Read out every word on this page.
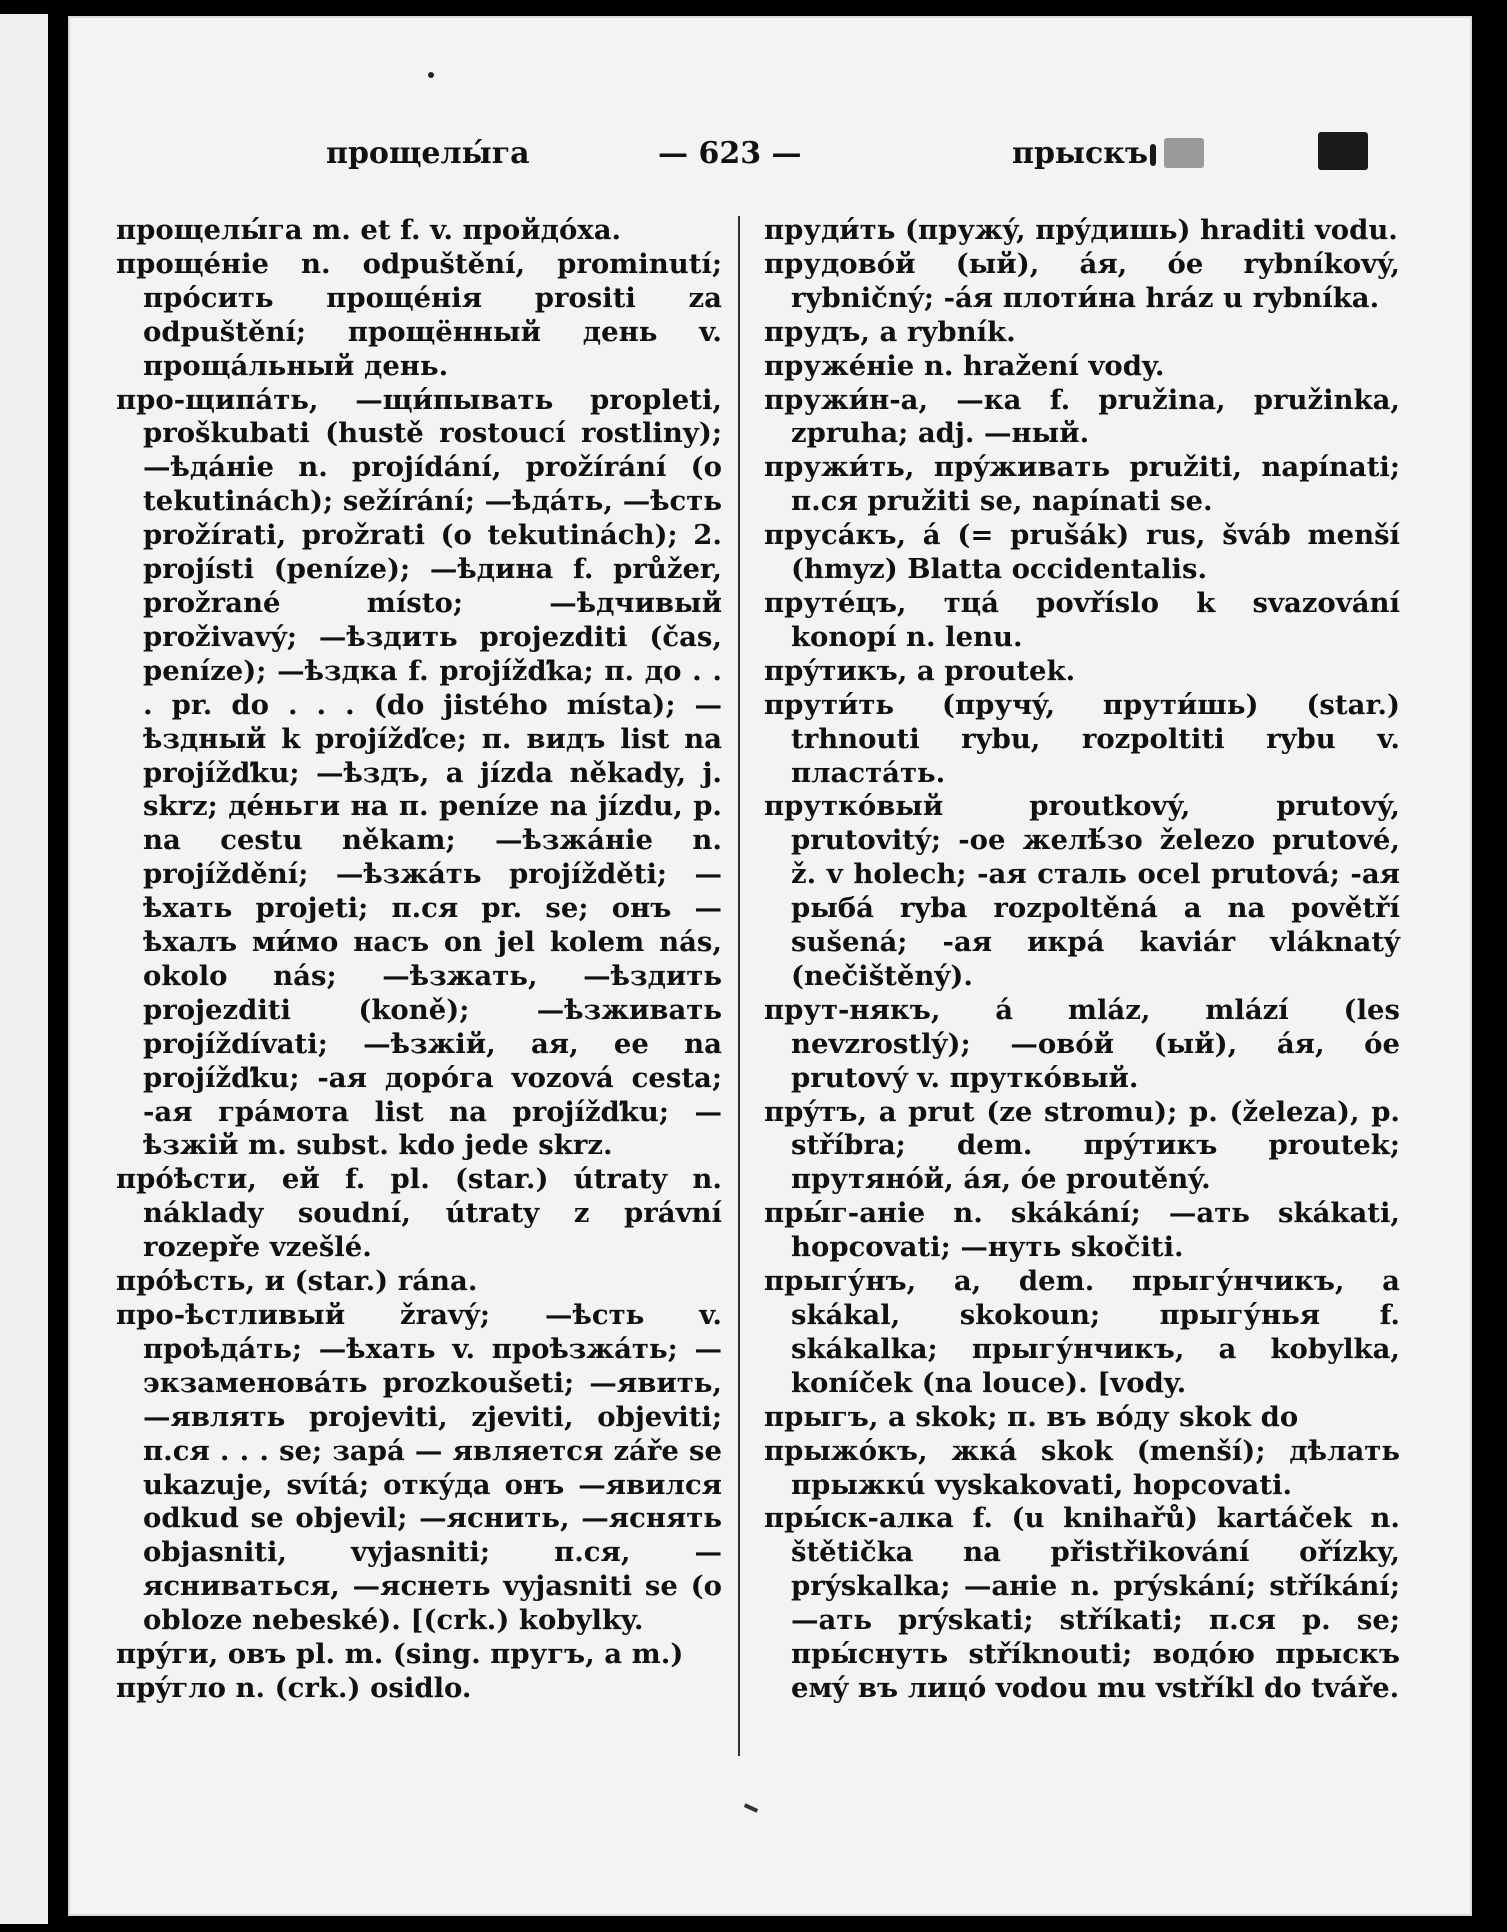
прощелы́га	— 623 —	прыскъ

прощелы́га m. et f. v. пройдо́ха.

прощéніе n. odpuštění, prominutí; про́сить прощéнія prositi za odpuštění; прощённый день v. проща́льный день.

про-щипáть, —щи́пывать propleti, proškubati (hustě rostoucí rostliny); —ѣдáніе n. projídání, prožírání (o tekutinách); sežírání; —ѣдáть, —ѣсть prožírati, prožrati (o tekutinách); 2. projísti (peníze); —ѣдина f. průžer, prožrané místo; —ѣдчивый proživavý; —ѣздить projezditi (čas, peníze); —ѣздка f. projížďka; п. до . . . pr. do . . . (do jistého místa); —ѣздный k projížďce; п. видъ list na projížďku; —ѣздъ, а jízda někady, j. skrz; де́ньги на п. peníze na jízdu, p. na cestu někam; —ѣзжáніе n. projíždění; —ѣзжáть projížděti; —ѣхать projeti; п.ся pr. se; онъ —ѣхалъ ми́мо насъ on jel kolem nás, okolo nás; —ѣзжать, —ѣздить projezditi (koně); —ѣзживать projíždívati; —ѣзжій, ая, ее na projížďku; -ая доро́га vozová cesta; -ая гра́мота list na projížďku; —ѣзжій m. subst. kdo jede skrz.

про́ѣсти, ей f. pl. (star.) útraty n. náklady soudní, útraty z právní rozepře vzešlé.

про́ѣсть, и (star.) rána.

про-ѣстливый žravý; —ѣсть v. проѣдáть; —ѣхать v. проѣзжáть; —экзаменовáть prozkoušeti; —явить, —являть projeviti, zjeviti, objeviti; п.ся . . . se; зарá — является záře se ukazuje, svítá; откýда онъ —явился odkud se objevil; —яснить, —яснять objasniti, vyjasniti; п.ся, —ясниваться, —яснеть vyjasniti se (o obloze nebeské). [(crk.) kobylky.

прýги, овъ pl. m. (sing. пругъ, a m.)

прýгло n. (crk.) osidlo.

пруди́ть (пружý, прýдишь) hraditi vodu.

прудово́й (ый), áя, óе rybníkový, rybničný; -áя плоти́на hráz u rybníka.

прудъ, a rybník.

пружéніе n. hražení vody.

пружи́н-а, —ка f. pružina, pružinka, zpruha; adj. —ный.

пружи́ть, прýживать pružiti, napínati; п.ся pružiti se, napínati se.

прусáкъ, á (= prušák) rus, šváb menší (hmyz) Blatta occidentalis.

прутéцъ, тцá povříslo k svazování konopí n. lenu.

прýтикъ, a proutek.

прути́ть (пручý, прути́шь) (star.) trhnouti rybu, rozpoltiti rybu v. пластáть.

прутко́вый proutkový, prutový, prutovitý; -ое желѣ́зо železo prutové, ž. v holech; -ая сталь ocel prutová; -ая рыбá ryba rozpoltěná a na povětří sušená; -ая икрá kaviár vláknatý (nečištěný).

прут-някъ, á mláz, mlází (les nevzrostlý); —ово́й (ый), áя, óе prutový v. прутко́вый.

прýтъ, a prut (ze stromu); p. (železa), p. stříbra; dem. прýтикъ proutek; прутяно́й, áя, óе proutěný.

пры́г-аніе n. skákání; —ать skákati, hopcovati; —нуть skočiti.

прыгу́нъ, a, dem. прыгу́нчикъ, a skákal, skokoun; прыгу́нья f. skákalka; прыгу́нчикъ, a kobylka, koníček (na louce). [vody.

прыгъ, a skok; п. въ вóду skok do

прыжо́къ, жкá skok (menší); дѣлать прыжкú vyskakovati, hopcovati.

пры́ск-алка f. (u knihařů) kartáček n. štětička na přistřikování ořízky, prýskalka; —аніе n. prýskání; stříkání; —ать prýskati; stříkati; п.ся p. se; пры́снуть stříknouti; водо́ю прыскъ емý въ лицó vodou mu vstříkl do tváře.
